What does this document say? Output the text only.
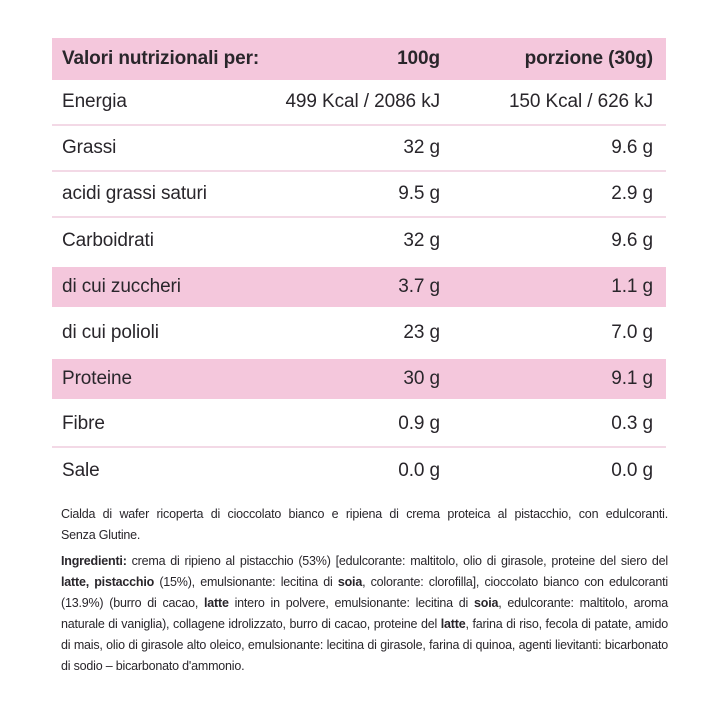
Valori nutrizionali per:	100g	porzione (30g)
Energia	499 Kcal / 2086 kJ	150 Kcal / 626 kJ
Grassi	32 g	9.6 g
acidi grassi saturi	9.5 g	2.9 g
Carboidrati	32 g	9.6 g
di cui zuccheri	3.7 g	1.1 g
di cui polioli	23 g	7.0 g
Proteine	30 g	9.1 g
Fibre	0.9 g	0.3 g
Sale	0.0 g	0.0 g
Cialda di wafer ricoperta di cioccolato bianco e ripiena di crema proteica al pistacchio, con edulcoranti.
Senza Glutine.
Ingredienti: crema di ripieno al pistacchio (53%) [edulcorante: maltitolo, olio di girasole, proteine del siero del latte, pistacchio (15%), emulsionante: lecitina di soia, colorante: clorofilla], cioccolato bianco con edulcoranti (13.9%) (burro di cacao, latte intero in polvere, emulsionante: lecitina di soia, edulcorante: maltitolo, aroma naturale di vaniglia), collagene idrolizzato, burro di cacao, proteine del latte, farina di riso, fecola di patate, amido di mais, olio di girasole alto oleico, emulsionante: lecitina di girasole, farina di quinoa, agenti lievitanti: bicarbonato di sodio – bicarbonato d'ammonio.
